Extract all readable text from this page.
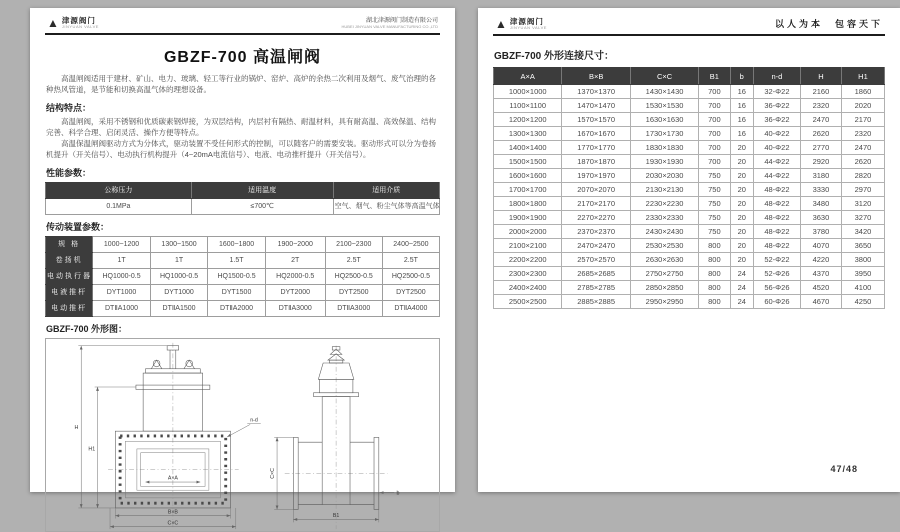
▲ 津源阀门
JINYUAN VALVE
湖北津源阀门制造有限公司
HUBEI JINYUAN VALVE MANUFACTURING CO.,LTD
GBZF-700 高温闸阀

高温闸阀适用于建材、矿山、电力、玻璃、轻工等行业的锅炉、窑炉、高炉的余热二次利用及烟气、废气治理的各种热风管道，是节能和切换高温气体的理想设备。

结构特点：

高温闸阀，采用不锈钢和优质碳素钢焊接，为双层结构，内层衬有隔热、耐温材料，具有耐高温、高效保温、结构完善、科学合理、启闭灵活、操作方便等特点。

高温保温闸阀驱动方式为分体式，驱动装置不受任何形式的控制，可以随客户的需要安装。驱动形式可以分为卷扬机提升（开关信号）、电动执行机构提升（4~20mA电流信号）、电液、电动推杆提升（开关信号）。

性能参数：
公称压力	适用温度	适用介质
0.1MPa	≤700℃	空气、烟气、粉尘气体等高温气体
传动装置参数：
规 格	1000~1200	1300~1500	1600~1800	1900~2000	2100~2300	2400~2500
卷扬机	1T	1T	1.5T	2T	2.5T	2.5T
电动执行器	HQ1000-0.5	HQ1000-0.5	HQ1500-0.5	HQ2000-0.5	HQ2500-0.5	HQ2500-0.5
电液推杆	DYT1000	DYT1000	DYT1500	DYT2000	DYT2500	DYT2500
电动推杆	DTⅡA1000	DTⅡA1500	DTⅡA2000	DTⅡA3000	DTⅡA3000	DTⅡA4000
GBZF-700 外形图：
A×A
B×B
C×C
H
H1
n-d
C×C
B1
b
▲ 津源阀门
JINYUAN VALVE	以人为本　包容天下
GBZF-700 外形连接尺寸：
A×A	B×B	C×C	B1	b	n-d	H	H1
1000×1000	1370×1370	1430×1430	700	16	32-Φ22	2160	1860
1100×1100	1470×1470	1530×1530	700	16	36-Φ22	2320	2020
1200×1200	1570×1570	1630×1630	700	16	36-Φ22	2470	2170
1300×1300	1670×1670	1730×1730	700	16	40-Φ22	2620	2320
1400×1400	1770×1770	1830×1830	700	20	40-Φ22	2770	2470
1500×1500	1870×1870	1930×1930	700	20	44-Φ22	2920	2620
1600×1600	1970×1970	2030×2030	750	20	44-Φ22	3180	2820
1700×1700	2070×2070	2130×2130	750	20	48-Φ22	3330	2970
1800×1800	2170×2170	2230×2230	750	20	48-Φ22	3480	3120
1900×1900	2270×2270	2330×2330	750	20	48-Φ22	3630	3270
2000×2000	2370×2370	2430×2430	750	20	48-Φ22	3780	3420
2100×2100	2470×2470	2530×2530	800	20	48-Φ22	4070	3650
2200×2200	2570×2570	2630×2630	800	20	52-Φ22	4220	3800
2300×2300	2685×2685	2750×2750	800	24	52-Φ26	4370	3950
2400×2400	2785×2785	2850×2850	800	24	56-Φ26	4520	4100
2500×2500	2885×2885	2950×2950	800	24	60-Φ26	4670	4250
47/48
